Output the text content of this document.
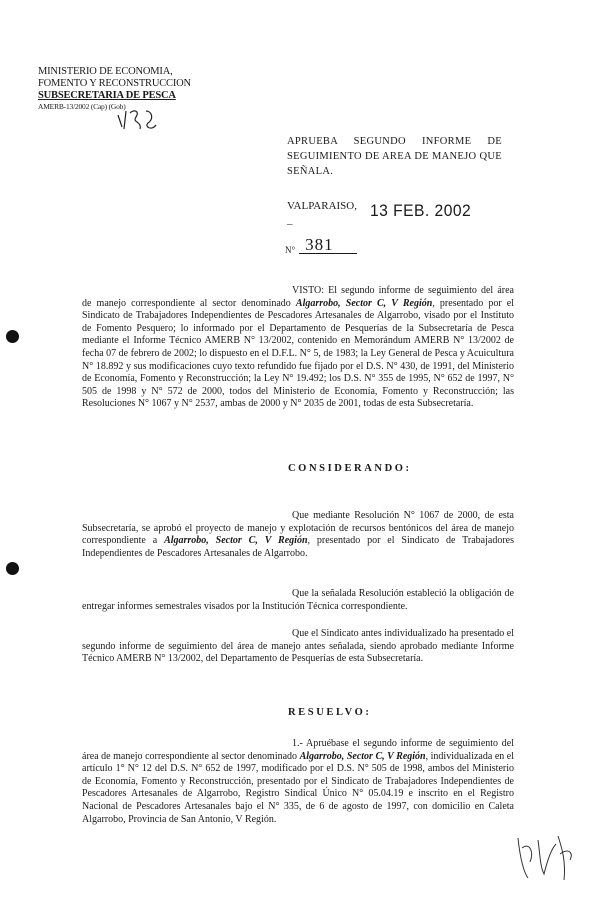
MINISTERIO DE ECONOMIA,
FOMENTO Y RECONSTRUCCION
SUBSECRETARIA DE PESCA
AMERB-13/2002 (Cap) (Gob)
APRUEBA SEGUNDO INFORME DE SEGUIMIENTO DE AREA DE MANEJO QUE SEÑALA.
VALPARAISO, 13 FEB. 2002
–
N° 381
VISTO: El segundo informe de seguimiento del área de manejo correspondiente al sector denominado Algarrobo, Sector C, V Región, presentado por el Sindicato de Trabajadores Independientes de Pescadores Artesanales de Algarrobo, visado por el Instituto de Fomento Pesquero; lo informado por el Departamento de Pesquerías de la Subsecretaría de Pesca mediante el Informe Técnico AMERB N° 13/2002, contenido en Memorándum AMERB N° 13/2002 de fecha 07 de febrero de 2002; lo dispuesto en el D.F.L. N° 5, de 1983; la Ley General de Pesca y Acuicultura N° 18.892 y sus modificaciones cuyo texto refundido fue fijado por el D.S. N° 430, de 1991, del Ministerio de Economía, Fomento y Reconstrucción; la Ley N° 19.492; los D.S. N° 355 de 1995, N° 652 de 1997, N° 505 de 1998 y N° 572 de 2000, todos del Ministerio de Economía, Fomento y Reconstrucción; las Resoluciones N° 1067 y N° 2537, ambas de 2000 y N° 2035 de 2001, todas de esta Subsecretaría.
CONSIDERANDO:
Que mediante Resolución N° 1067 de 2000, de esta Subsecretaría, se aprobó el proyecto de manejo y explotación de recursos bentónicos del área de manejo correspondiente a Algarrobo, Sector C, V Región, presentado por el Sindicato de Trabajadores Independientes de Pescadores Artesanales de Algarrobo.
Que la señalada Resolución estableció la obligación de entregar informes semestrales visados por la Institución Técnica correspondiente.
Que el Sindicato antes individualizado ha presentado el segundo informe de seguimiento del área de manejo antes señalada, siendo aprobado mediante Informe Técnico AMERB N° 13/2002, del Departamento de Pesquerías de esta Subsecretaría.
RESUELVO:
1.- Apruébase el segundo informe de seguimiento del área de manejo correspondiente al sector denominado Algarrobo, Sector C, V Región, individualizada en el artículo 1° N° 12 del D.S. N° 652 de 1997, modificado por el D.S. N° 505 de 1998, ambos del Ministerio de Economía, Fomento y Reconstrucción, presentado por el Sindicato de Trabajadores Independientes de Pescadores Artesanales de Algarrobo, Registro Sindical Único N° 05.04.19 e inscrito en el Registro Nacional de Pescadores Artesanales bajo el N° 335, de 6 de agosto de 1997, con domicilio en Caleta Algarrobo, Provincia de San Antonio, V Región.
